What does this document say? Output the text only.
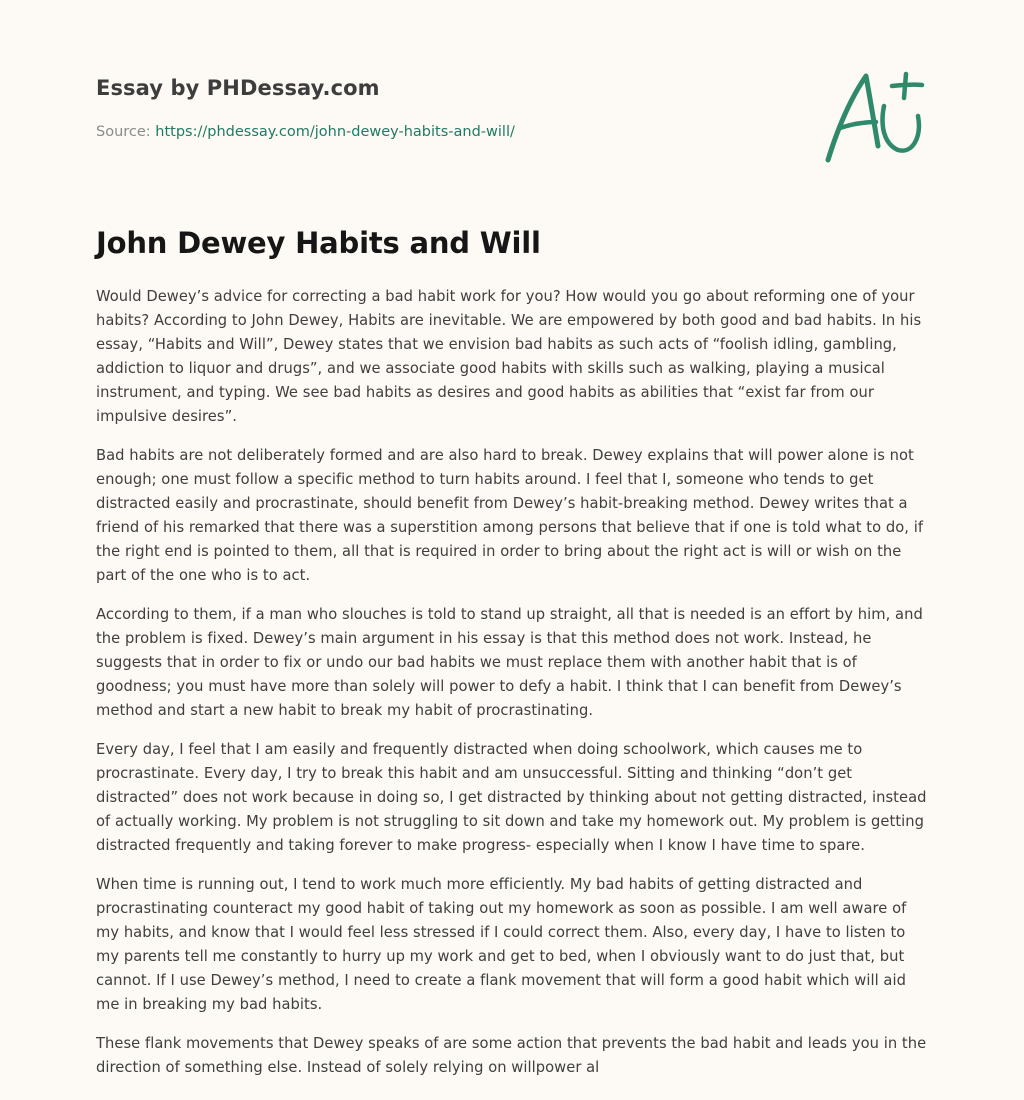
Essay by PHDessay.com
Source: https://phdessay.com/john-dewey-habits-and-will/
John Dewey Habits and Will

Would Dewey’s advice for correcting a bad habit work for you? How would you go about reforming one of your habits? According to John Dewey, Habits are inevitable. We are empowered by both good and bad habits. In his essay, “Habits and Will”, Dewey states that we envision bad habits as such acts of “foolish idling, gambling, addiction to liquor and drugs”, and we associate good habits with skills such as walking, playing a musical instrument, and typing. We see bad habits as desires and good habits as abilities that “exist far from our impulsive desires”.

Bad habits are not deliberately formed and are also hard to break. Dewey explains that will power alone is not enough; one must follow a specific method to turn habits around. I feel that I, someone who tends to get distracted easily and procrastinate, should benefit from Dewey’s habit-breaking method. Dewey writes that a friend of his remarked that there was a superstition among persons that believe that if one is told what to do, if the right end is pointed to them, all that is required in order to bring about the right act is will or wish on the part of the one who is to act.

According to them, if a man who slouches is told to stand up straight, all that is needed is an effort by him, and the problem is fixed. Dewey’s main argument in his essay is that this method does not work. Instead, he suggests that in order to fix or undo our bad habits we must replace them with another habit that is of goodness; you must have more than solely will power to defy a habit. I think that I can benefit from Dewey’s method and start a new habit to break my habit of procrastinating.

Every day, I feel that I am easily and frequently distracted when doing schoolwork, which causes me to procrastinate. Every day, I try to break this habit and am unsuccessful. Sitting and thinking “don’t get distracted” does not work because in doing so, I get distracted by thinking about not getting distracted, instead of actually working. My problem is not struggling to sit down and take my homework out. My problem is getting distracted frequently and taking forever to make progress- especially when I know I have time to spare.

When time is running out, I tend to work much more efficiently. My bad habits of getting distracted and procrastinating counteract my good habit of taking out my homework as soon as possible. I am well aware of my habits, and know that I would feel less stressed if I could correct them. Also, every day, I have to listen to my parents tell me constantly to hurry up my work and get to bed, when I obviously want to do just that, but cannot. If I use Dewey’s method, I need to create a flank movement that will form a good habit which will aid me in breaking my bad habits.

These flank movements that Dewey speaks of are some action that prevents the bad habit and leads you in the direction of something else. Instead of solely relying on willpower al
